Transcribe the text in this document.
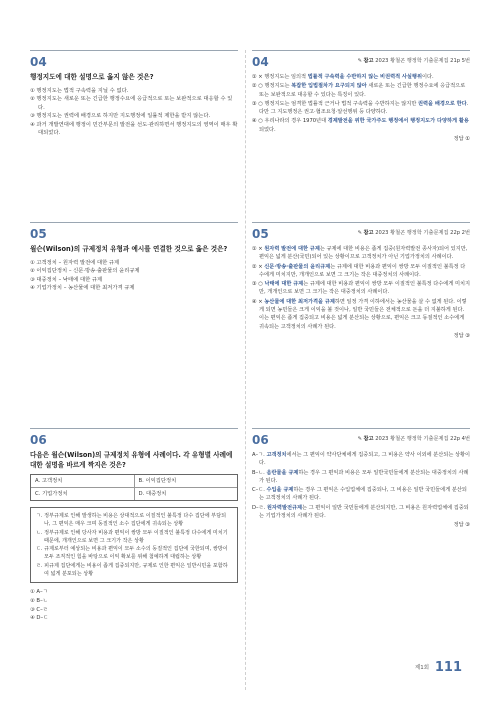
04
행정지도에 대한 설명으로 옳지 않은 것은?
① 행정지도는 법적 구속력을 지닐 수 없다.
② 행정지도는 새로운 또는 긴급한 행정수요에 응급적으로 또는 보완적으로 대응할 수 있다.
③ 행정지도는 권력에 배경으로 하지만 지도행정에 일률적 제한을 받지 않는다.
④ 과거 개발연대에 행정이 민간부문의 발전을 선도·관리하면서 행정지도의 영역이 매우 확대되었다.
04	✎ 참고 2023 황철곤 행정학 기출문제집 21p 5번
① × 행정지도는 임의적 법률적 구속력을 수반하지 않는 비권력적 사실행위이다.
② ○ 행정지도는 복잡한 입법절차가 요구되지 않아 새로운 또는 긴급한 행정수요에 응급적으로 또는 보완적으로 대응할 수 있다는 특징이 있다.
③ ○ 행정지도는 엄격한 법률적 근거나 법적 구속력을 수반하지는 않지만 권력을 배경으로 한다. 다만 그 지도행정은 권고·협조요청·알선행위 등 다양하다.
④ ○ 우리나라의 경우 1970년대 경제발전을 위한 국가주도 행정에서 행정지도가 다양하게 활용되었다.
정답 ①
05
윌슨(Wilson)의 규제정치 유형과 예시를 연결한 것으로 옳은 것은?
① 고객정치 – 원자력 발전에 대한 규제
② 이익집단정치 – 신문·방송·출판물의 윤리규제
③ 대중정치 – 낙태에 대한 규제
④ 기업가정치 – 농산물에 대한 최저가격 규제
05	✎ 참고 2023 황철곤 행정학 기출문제집 22p 2번
① × 원자력 발전에 대한 규제는 규제에 대한 비용은 좁게 집중(원자력발전 종사자)되어 있지만, 편익은 넓게 분산(국민)되어 있는 상황이므로 고객정치가 아닌 기업가정치의 사례이다.
② × 신문·방송·출판물의 윤리규제는 규제에 대한 비용과 편익이 쌍방 모두 이질적인 불특정 다수에게 미치지만, 개개인으로 보면 그 크기는 작은 대중정치의 사례이다.
③ ○ 낙태에 대한 규제는 규제에 대한 비용과 편익이 쌍방 모두 이질적인 불특정 다수에게 미치지만, 개개인으로 보면 그 크기는 작은 대중정치의 사례이다.
④ × 농산물에 대한 최저가격을 규제하면 일정 가격 이하에서는 농산물을 살 수 없게 된다. 이렇게 되면 농민들은 크게 이익을 볼 것이나, 일반 국민들은 전체적으로 돈을 더 지불하게 된다. 이는 편익은 좁게 집중되고 비용은 넓게 분산되는 상황으로, 편익은 크고 동질적인 소수에게 귀속되는 고객정치의 사례가 된다.
정답 ③
06
다음은 윌슨(Wilson)의 규제정치 유형에 사례이다. 각 유형별 사례에 대한 설명을 바르게 짝지은 것은?
A. 고객정치	B. 이익집단정치
C. 기업가정치	D. 대중정치
ㄱ. 정부규제로 인해 발생하는 비용은 상대적으로 이질적인 불특정 다수 집단에 부담되나, 그 편익은 매우 크며 동질적인 소수 집단에게 귀속되는 상황
ㄴ. 정부규제로 인해 당사자 비용과 편익이 쌍방 모두 이질적인 불특정 다수에게 미치기 때문에, 개개인으로 보면 그 크기가 작은 상황
ㄷ. 규제로부터 예상되는 비용과 편익이 모두 소수의 동질적인 집단에 국한되며, 쌍방이 모두 조직적인 힘을 바탕으로 이익 확보를 위해 첨예하게 대립하는 상황
ㄹ. 피규제 집단에게는 비용이 좁게 집중되지만, 규제로 인한 편익은 일반시민을 포함하여 넓게 분포되는 상황
① A–ㄱ
② B–ㄴ
③ C–ㄹ
④ D–ㄷ
06	✎ 참고 2023 황철곤 행정학 기출문제집 22p 4번
A–ㄱ. 고객정치에서는 그 편익이 약사단체에게 집중되고, 그 비용은 약사 이외에 분산되는 상황이다.
B–ㄴ. 음란물을 규제하는 경우 그 편익과 비용은 모두 일반국민들에게 분산되는 대중정치의 사례가 된다.
C–ㄷ. 수입을 규제하는 경우 그 편익은 수입업체에 집중되나, 그 비용은 일반 국민들에게 분산되는 고객정치의 사례가 된다.
D–ㄹ. 원자력발전규제는 그 편익이 일반 국민들에게 분산되지만, 그 비용은 원자력업체에 집중되는 기업가정치의 사례가 된다.
정답 ③
제1회 111
